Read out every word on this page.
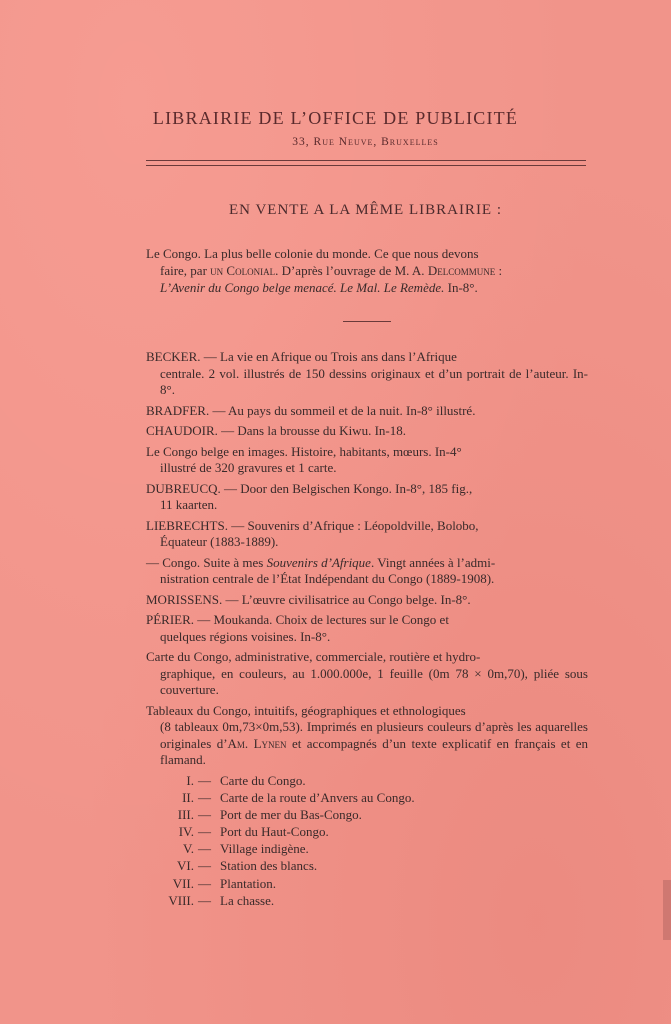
LIBRAIRIE DE L’OFFICE DE PUBLICITÉ
33, Rue Neuve, Bruxelles
EN VENTE A LA MÊME LIBRAIRIE :
Le Congo. La plus belle colonie du monde. Ce que nous devons
faire, par un Colonial. D’après l’ouvrage de M. A. Delcommune :
L’Avenir du Congo belge menacé. Le Mal. Le Remède. In-8°.
BECKER. — La vie en Afrique ou Trois ans dans l’Afrique
centrale. 2 vol. illustrés de 150 dessins originaux et d’un portrait de l’auteur. In-8°.
BRADFER. — Au pays du sommeil et de la nuit. In-8° illustré.
CHAUDOIR. — Dans la brousse du Kiwu. In-18.
Le Congo belge en images. Histoire, habitants, mœurs. In-4°
illustré de 320 gravures et 1 carte.
DUBREUCQ. — Door den Belgischen Kongo. In-8°, 185 fig.,
11 kaarten.
LIEBRECHTS. — Souvenirs d’Afrique : Léopoldville, Bolobo,
Équateur (1883-1889).
— Congo. Suite à mes Souvenirs d’Afrique. Vingt années à l’admi-
nistration centrale de l’État Indépendant du Congo (1889-1908).
MORISSENS. — L’œuvre civilisatrice au Congo belge. In-8°.
PÉRIER. — Moukanda. Choix de lectures sur le Congo et
quelques régions voisines. In-8°.
Carte du Congo, administrative, commerciale, routière et hydro-
graphique, en couleurs, au 1.000.000e, 1 feuille (0m 78 × 0m,70), pliée sous couverture.
Tableaux du Congo, intuitifs, géographiques et ethnologiques
(8 tableaux 0m,73×0m,53). Imprimés en plusieurs couleurs d’après les aquarelles originales d’Am. Lynen et accompagnés d’un texte explicatif en français et en flamand.
I. — Carte du Congo.
II. — Carte de la route d’Anvers au Congo.
III. — Port de mer du Bas-Congo.
IV. — Port du Haut-Congo.
V. — Village indigène.
VI. — Station des blancs.
VII. — Plantation.
VIII. — La chasse.
